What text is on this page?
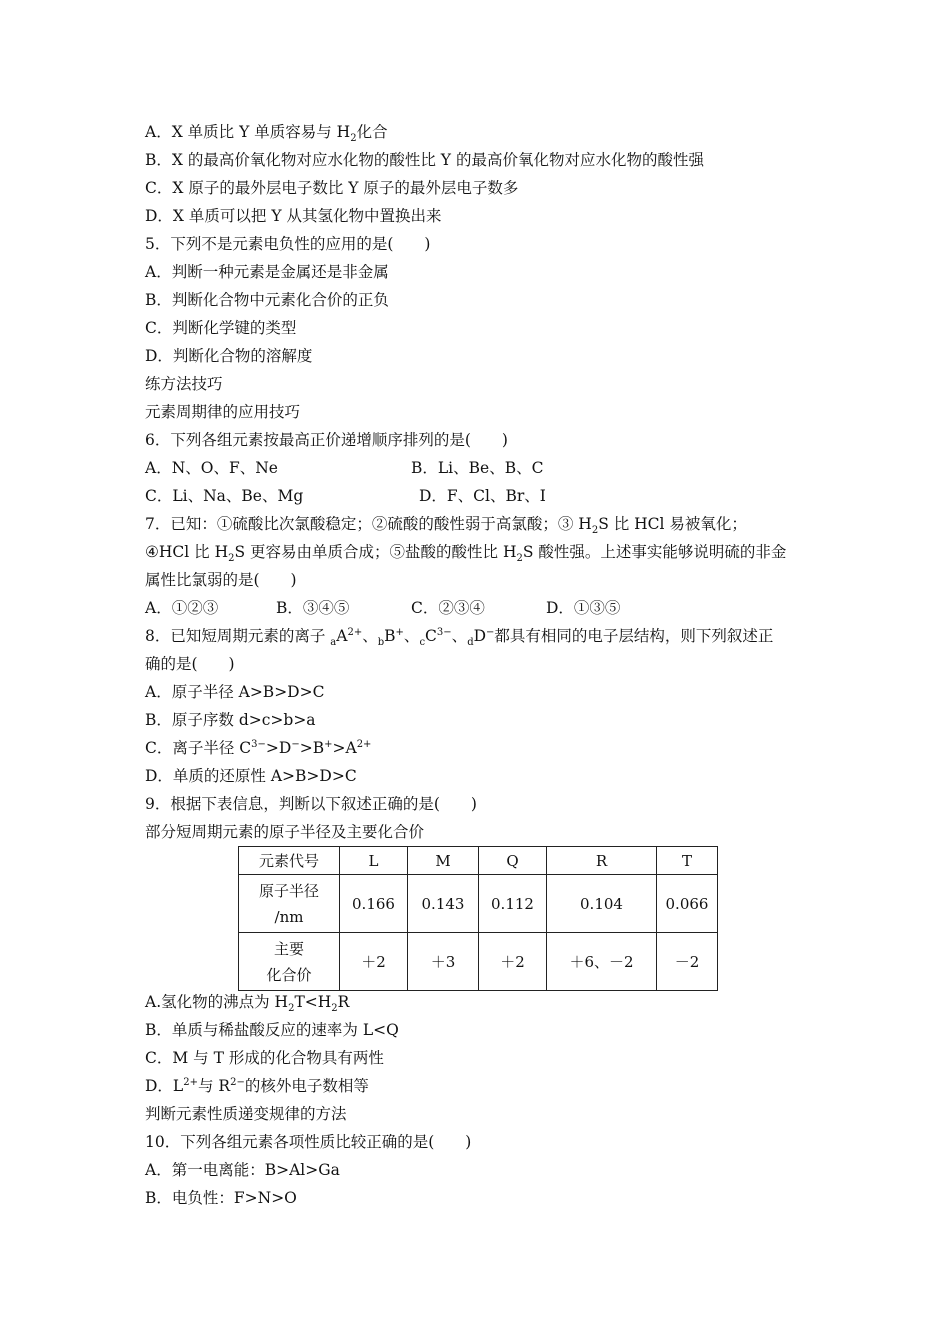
A．X 单质比 Y 单质容易与 $H_2$化合
B．X 的最高价氧化物对应水化物的酸性比 Y 的最高价氧化物对应水化物的酸性强
C．X 原子的最外层电子数比 Y 原子的最外层电子数多
D．X 单质可以把 Y 从其氢化物中置换出来
5．下列不是元素电负性的应用的是(　　)
A．判断一种元素是金属还是非金属
B．判断化合物中元素化合价的正负
C．判断化学键的类型
D．判断化合物的溶解度
练方法技巧
元素周期律的应用技巧
6．下列各组元素按最高正价递增顺序排列的是(　　)
A．N、O、F、Ne	B．Li、Be、B、C
C．Li、Na、Be、Mg	D．F、Cl、Br、I
7．已知：①硫酸比次氯酸稳定；②硫酸的酸性弱于高氯酸；③ $H_2S$ 比 HCl 易被氧化；
④HCl 比 $H_2S$ 更容易由单质合成；⑤盐酸的酸性比 $H_2S$ 酸性强。上述事实能够说明硫的非金
属性比氯弱的是(　　)
A．①②③	B．③④⑤	C．②③④	D．①③⑤
8．已知短周期元素的离子 $_aA^{2+}$、$_b$B+、$_cC^{3-}$、$_d$D−都具有相同的电子层结构，则下列叙述正
确的是(　　)
A．原子半径 A>B>D>C
B．原子序数 d>c>b>a
C．离子半径 $C^{3-}>D^->B^+>A^{2+}$
D．单质的还原性 A>B>D>C
9．根据下表信息，判断以下叙述正确的是(　　)
部分短周期元素的原子半径及主要化合价
元素代号	L	M	Q	R	T

原子半径
/nm	0.166	0.143	0.112	0.104	0.066

主要
化合价	＋2	＋3	＋2	＋6、－2	－2
A.氢化物的沸点为 $H_2T<H_2R$
B．单质与稀盐酸反应的速率为 L<Q
C．M 与 T 形成的化合物具有两性
D．$L^{2+}$与 $R^{2-}$的核外电子数相等
判断元素性质递变规律的方法
10．下列各组元素各项性质比较正确的是(　　)
A．第一电离能：B>Al>Ga
B．电负性：F>N>O
